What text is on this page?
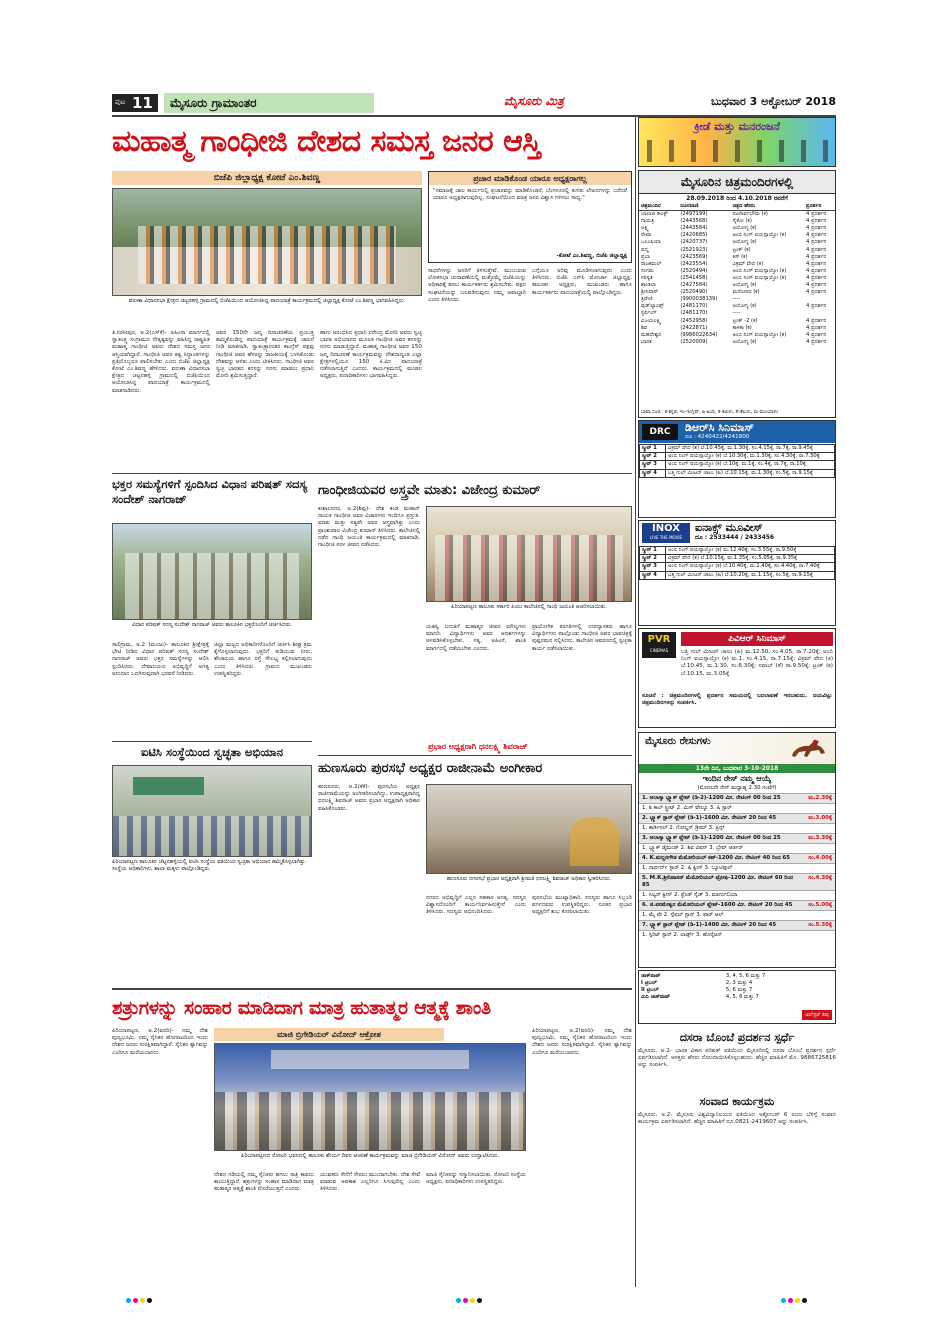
ಪುಟ 11	ಮೈಸೂರು ಗ್ರಾಮಾಂತರ	ಮೈಸೂರು ಮಿತ್ರ	ಬುಧವಾರ 3 ಅಕ್ಟೋಬರ್ 2018
ಮಹಾತ್ಮ ಗಾಂಧೀಜಿ ದೇಶದ ಸಮಸ್ತ ಜನರ ಆಸ್ತಿ
ಬಿಜೆಪಿ ಜಿಲ್ಲಾಧ್ಯಕ್ಷ ಕೋಟೆ ಎಂ.ಶಿವಣ್ಣ
ವರುಣಾ ವಿಧಾನಸಭಾ ಕ್ಷೇತ್ರದ ಚಟ್ಟನಹಳ್ಳಿ ಗ್ರಾಮದಲ್ಲಿ ಬಿಜೆಪಿಯಿಂದ ಆಯೋಜಿಸಿದ್ದ ಪಾದಯಾತ್ರೆ ಕಾರ್ಯಕ್ರಮದಲ್ಲಿ ಜಿಲ್ಲಾಧ್ಯಕ್ಷ ಕೋಟೆ ಎಂ.ಶಿವಣ್ಣ ಭಾಗವಹಿಸಿದ್ದರು.
ತಿ.ನರಸೀಪುರ, ಅ.2(ಎಸ್‌ಕೆ)- ಅಹಿಂಸಾ ಮಾರ್ಗದಲ್ಲಿ ಸ್ವಾತಂತ್ರ್ಯ ಸಂಗ್ರಾಮದ ನೇತೃತ್ವವನ್ನು ವಹಿಸಿದ್ದ ರಾಷ್ಟ್ರಪಿತ ಮಹಾತ್ಮ ಗಾಂಧೀಜಿ ಅವರು ದೇಶದ ಸಮಸ್ತ ಜನರ ಆಸ್ತಿಯಾಗಿದ್ದಾರೆ. ಗಾಂಧೀಜಿ ಅವರ ತತ್ವ ಸಿದ್ಧಾಂತಗಳನ್ನು ಪ್ರತಿಯೊಬ್ಬರೂ ಪಾಲಿಸಬೇಕು ಎಂದು ಬಿಜೆಪಿ ಜಿಲ್ಲಾಧ್ಯಕ್ಷ ಕೋಟೆ ಎಂ.ಶಿವಣ್ಣ ಹೇಳಿದರು. ವರುಣಾ ವಿಧಾನಸಭಾ ಕ್ಷೇತ್ರದ ಚಟ್ಟನಹಳ್ಳಿ ಗ್ರಾಮದಲ್ಲಿ ಬಿಜೆಪಿಯಿಂದ ಆಯೋಜಿಸಿದ್ದ ಪಾದಯಾತ್ರೆ ಕಾರ್ಯಕ್ರಮದಲ್ಲಿ ಮಾತನಾಡಿದರು.
ಅವರ 150ನೇ ಜನ್ಮ ದಿನಾಚರಣೆಯ ಪ್ರಯುಕ್ತ ಹಮ್ಮಿಕೊಂಡಿದ್ದ ಪಾದಯಾತ್ರೆ ಕಾರ್ಯಕ್ರಮಕ್ಕೆ ಚಾಲನೆ ನೀಡಿ ಮಾತನಾಡಿ, ಸ್ವಾತಂತ್ರ್ಯಾನಂತರ ಕಾಂಗ್ರೆಸ್ ಪಕ್ಷವು ಗಾಂಧೀಜಿ ಅವರ ಹೆಸರನ್ನು ರಾಜಕೀಯಕ್ಕೆ ಬಳಸಿಕೊಂಡು ದೇಶವನ್ನು ಆಳಿತು ಎಂದು ಟೀಕಿಸಿದರು. ಗಾಂಧೀಜಿ ಅವರ ಸ್ವಚ್ಛ ಭಾರತದ ಕನಸನ್ನು ನನಸು ಮಾಡಲು ಪ್ರಧಾನಿ ಮೋದಿ ಶ್ರಮಿಸುತ್ತಿದ್ದಾರೆ.
ಹಾಗು ಅರಂಭಿಸಿದ ಪ್ರಧಾನಿ ನರೇಂದ್ರ ಮೋದಿ ಅವರು ಸ್ವಚ್ಛ ಭಾರತ ಅಭಿಯಾನದ ಮೂಲಕ ಗಾಂಧೀಜಿ ಅವರ ಕನಸನ್ನು ನನಸು ಮಾಡುತ್ತಿದ್ದಾರೆ. ಮಹಾತ್ಮ ಗಾಂಧೀಜಿ ಅವರ 150 ಜನ್ಮ ದಿನಾಚರಣೆ ಕಾರ್ಯಕ್ರಮವನ್ನು ದೇಶದಾದ್ಯಂತ ಎಲ್ಲಾ ಕ್ಷೇತ್ರಗಳಲ್ಲಿಯೂ 150 ಕಿ.ಮೀ ಪಾದಯಾತ್ರೆ ನಡೆಸಲಾಗುತ್ತಿದೆ ಎಂದರು. ಕಾರ್ಯಕ್ರಮದಲ್ಲಿ ಮಂಡಲ ಅಧ್ಯಕ್ಷರು, ಪದಾಧಿಕಾರಿಗಳು ಭಾಗವಹಿಸಿದ್ದರು.
ಪ್ರಚಾರ ಮಾಡಿಕೊಂಡ ಯಾರೂ ಅಧ್ಯಕ್ಷರಾಗಲ್ಲ
"ಸಮಾಜಕ್ಕೆ ಚಾಲ ಕಾರ್ಯದಲ್ಲಿ ಪ್ರಚಾರವನ್ನು ಮಾಡಿಕೊಂಡರೆ, ಬೆಂಗಳೂರಲ್ಲಿ ಕುಳಿತು ಲೇಖನಗಳನ್ನು ಬರೆದರೆ ಯಾರೂ ಅಧ್ಯಕ್ಷರಾಗುವುದಿಲ್ಲ. ಸಂಘಟನೆಯಿಂದ ಮಾತ್ರ ಜನರ ವಿಶ್ವಾಸ ಗಳಿಸಲು ಸಾಧ್ಯ."
-ಕೋಟೆ ಎಂ.ಶಿವಣ್ಣ, ಬಿಜೆಪಿ ಜಿಲ್ಲಾಧ್ಯಕ್ಷ
ಸಾಧನೆಗಳನ್ನು ಜನರಿಗೆ ತಿಳಿಸುತ್ತೇವೆ. ಮುಂಬರುವ ಲೋಕಸಭಾ ಚುನಾವಣೆಯಲ್ಲಿ ಮತ್ತೊಮ್ಮೆ ಬಿಜೆಪಿಯನ್ನು ಅಧಿಕಾರಕ್ಕೆ ತರಲು ಕಾರ್ಯಕರ್ತರು ಶ್ರಮಿಸಬೇಕು. ಪಕ್ಷದ ಸಂಘಟನೆಯನ್ನು ಬಲಪಡಿಸುವುದು ನಮ್ಮ ಜವಾಬ್ದಾರಿ ಎಂದು ತಿಳಿಸಿದರು.
ಬಗ್ಗೆಯೂ ಅರಿವು ಮೂಡಿಸಲಾಗುವುದು ಎಂದು ತಿಳಿಸಿದರು. ಬಿಜೆಪಿ ಎಸ್‌ಸಿ ಮೋರ್ಚಾ ಜಿಲ್ಲಾಧ್ಯಕ್ಷ, ತಾಲೂಕು ಅಧ್ಯಕ್ಷರು, ಮುಖಂಡರು ಹಾಗೂ ಕಾರ್ಯಕರ್ತರು ಪಾದಯಾತ್ರೆಯಲ್ಲಿ ಪಾಲ್ಗೊಂಡಿದ್ದರು.
ಭಕ್ತರ ಸಮಸ್ಯೆಗಳಿಗೆ ಸ್ಪಂದಿಸಿದ ವಿಧಾನ ಪರಿಷತ್ ಸದಸ್ಯ ಸಂದೇಶ್ ನಾಗರಾಜ್
ವಿಧಾನ ಪರಿಷತ್ ಸದಸ್ಯ ಸಂದೇಶ್ ನಾಗರಾಜ್ ಅವರು ತಾಲೂಕಿನ ಭಕ್ತರೊಂದಿಗೆ ಚರ್ಚಿಸಿದರು.
ಸಾಲಿಗ್ರಾಮ, ಅ.2 (ಮಂಜು)- ತಾಲೂಕಿನ ಶ್ರೀಕ್ಷೇತ್ರಕ್ಕೆ ಭೇಟಿ ನೀಡಿದ ವಿಧಾನ ಪರಿಷತ್ ಸದಸ್ಯ ಸಂದೇಶ್ ನಾಗರಾಜ್ ಅವರು ಭಕ್ತರ ಸಮಸ್ಯೆಗಳನ್ನು ಆಲಿಸಿ ಸ್ಪಂದಿಸಿದರು. ದೇವಾಲಯದ ಅಭಿವೃದ್ಧಿಗೆ ಅಗತ್ಯ ಅನುದಾನ ಒದಗಿಸುವುದಾಗಿ ಭರವಸೆ ನೀಡಿದರು.
ಜಿಲ್ಲಾ ಮಟ್ಟದ ಅಧಿಕಾರಿಗಳೊಂದಿಗೆ ಚರ್ಚಿಸಿ ಶೀಘ್ರ ಕ್ರಮ ಕೈಗೊಳ್ಳಲಾಗುವುದು. ಭಕ್ತರಿಗೆ ಕುಡಿಯುವ ನೀರು, ಶೌಚಾಲಯ ಹಾಗೂ ರಸ್ತೆ ಸೌಲಭ್ಯ ಕಲ್ಪಿಸಲಾಗುವುದು ಎಂದು ತಿಳಿಸಿದರು. ಗ್ರಾಮದ ಮುಖಂಡರು ಉಪಸ್ಥಿತರಿದ್ದರು.
ಐಟಿಸಿ ಸಂಸ್ಥೆಯಿಂದ ಸ್ವಚ್ಛತಾ ಅಭಿಯಾನ
ಪಿರಿಯಾಪಟ್ಟಣ ತಾಲೂಕಿನ ಚೆಟ್ಟನಹಳ್ಳಿಯಲ್ಲಿ ಐಟಿಸಿ ಸಂಸ್ಥೆಯ ವತಿಯಿಂದ ಸ್ವಚ್ಛತಾ ಅಭಿಯಾನ ಹಮ್ಮಿಕೊಳ್ಳಲಾಗಿತ್ತು. ಸಂಸ್ಥೆಯ ಅಧಿಕಾರಿಗಳು, ಶಾಲಾ ಮಕ್ಕಳು ಪಾಲ್ಗೊಂಡಿದ್ದರು.
ಗಾಂಧೀಜಿಯವರ ಅಸ್ತ್ರವೇ ಮಾತು: ವಿಜೇಂದ್ರ ಕುಮಾರ್
ಕುಶಾಲನಗರ, ಅ.2(ಶಿವು)- ದೇಶ ಕಂಡ ಮಹಾನ್ ನಾಯಕ ಗಾಂಧೀಜಿ ಅವರ ವಿಚಾರಗಳು ಇಂದಿಗೂ ಪ್ರಸ್ತುತ. ಮಾತು ಮತ್ತು ಸತ್ಯವೇ ಅವರ ಅಸ್ತ್ರವಾಗಿತ್ತು ಎಂದು ಪ್ರಾಂಶುಪಾಲ ವಿಜೇಂದ್ರ ಕುಮಾರ್ ತಿಳಿಸಿದರು. ಕಾಲೇಜಿನಲ್ಲಿ ನಡೆದ ಗಾಂಧಿ ಜಯಂತಿ ಕಾರ್ಯಕ್ರಮದಲ್ಲಿ ಮಾತನಾಡಿ, ಗಾಂಧೀಜಿ ಸರಳ ಜೀವನ ನಡೆಸಿದರು.
ಪಿರಿಯಾಪಟ್ಟಣ ತಾಲೂಕು ಸರ್ಕಾರಿ ಪಿಯು ಕಾಲೇಜಿನಲ್ಲಿ ಗಾಂಧಿ ಜಯಂತಿ ಆಚರಿಸಲಾಯಿತು.
ಯಶಸ್ವಿ ಬದುಕಿಗೆ ಮಹಾತ್ಮರ ಜೀವನ ಮೌಲ್ಯಗಳು ಮಾದರಿ. ವಿದ್ಯಾರ್ಥಿಗಳು ಅವರ ಆದರ್ಶಗಳನ್ನು ಅಳವಡಿಸಿಕೊಳ್ಳಬೇಕು. ಸತ್ಯ, ಅಹಿಂಸೆ, ಶಾಂತಿ ಮಾರ್ಗದಲ್ಲಿ ನಡೆಯಬೇಕು ಎಂದರು.
ಪ್ರಾಯೋಗಿಕ ತರಗತಿಗಳಲ್ಲಿ ಉಪನ್ಯಾಸಕರು ಹಾಗೂ ವಿದ್ಯಾರ್ಥಿಗಳು ಪಾಲ್ಗೊಂಡು ಗಾಂಧೀಜಿ ಅವರ ಭಾವಚಿತ್ರಕ್ಕೆ ಪುಷ್ಪನಮನ ಸಲ್ಲಿಸಿದರು. ಕಾಲೇಜಿನ ಆವರಣದಲ್ಲಿ ಸ್ವಚ್ಛತಾ ಕಾರ್ಯ ನಡೆಸಲಾಯಿತು.
ಪ್ರಭಾರ ಅಧ್ಯಕ್ಷರಾಗಿ ಧನಲಕ್ಷ್ಮಿ ಶಿವರಾಜ್
ಹುಣಸೂರು ಪುರಸಭೆ ಅಧ್ಯಕ್ಷರ ರಾಜೀನಾಮೆ ಅಂಗೀಕಾರ
ಹುಣಸೂರು, ಅ.2(ಕೆಕೆ)- ಪುರಸಭೆಯ ಅಧ್ಯಕ್ಷರ ರಾಜೀನಾಮೆಯನ್ನು ಅಂಗೀಕರಿಸಲಾಗಿದ್ದು, ಉಪಾಧ್ಯಕ್ಷರಾಗಿದ್ದ ಧನಲಕ್ಷ್ಮಿ ಶಿವರಾಜ್ ಅವರು ಪ್ರಭಾರ ಅಧ್ಯಕ್ಷರಾಗಿ ಅಧಿಕಾರ ವಹಿಸಿಕೊಂಡರು.
ಹುಣಸೂರು ನಗರಸಭೆ ಪ್ರಭಾರ ಅಧ್ಯಕ್ಷರಾಗಿ ಶ್ರೀಮತಿ ಧನಲಕ್ಷ್ಮಿ ಶಿವರಾಜ್ ಅಧಿಕಾರ ಸ್ವೀಕರಿಸಿದರು.
ನಗರದ ಅಭಿವೃದ್ಧಿಗೆ ಎಲ್ಲರ ಸಹಕಾರ ಅಗತ್ಯ. ಸದಸ್ಯರ ವಿಶ್ವಾಸದೊಂದಿಗೆ ಕಾರ್ಯನಿರ್ವಹಿಸುತ್ತೇನೆ ಎಂದು ತಿಳಿಸಿದರು. ಸದಸ್ಯರು ಅಭಿನಂದಿಸಿದರು.
ಪುರಸಭೆಯ ಮುಖ್ಯಾಧಿಕಾರಿ, ಸದಸ್ಯರು ಹಾಗೂ ಸಿಬ್ಬಂದಿ ವರ್ಗದವರು ಉಪಸ್ಥಿತರಿದ್ದರು. ನೂತನ ಪ್ರಭಾರ ಅಧ್ಯಕ್ಷರಿಗೆ ಶುಭ ಕೋರಲಾಯಿತು.
ಶತ್ರುಗಳನ್ನು ಸಂಹಾರ ಮಾಡಿದಾಗ ಮಾತ್ರ ಹುತಾತ್ಮರ ಆತ್ಮಕ್ಕೆ ಶಾಂತಿ
ಮಾಜಿ ಬ್ರಿಗೇಡಿಯರ್ ವಿನೋದ್ ಆಕ್ರೋಶ
ಪಿರಿಯಾಪಟ್ಟಣ, ಅ.2(ವರದಿ)- ನಮ್ಮ ದೇಶ ಪುಣ್ಯಭೂಮಿ, ನಮ್ಮ ಸೈನಿಕರ ಹೋರಾಟದಿಂದ ಇಂದು ದೇಶದ ಜನರು ಸುರಕ್ಷಿತವಾಗಿದ್ದಾರೆ. ಸೈನಿಕರ ತ್ಯಾಗವನ್ನು ಎಂದಿಗೂ ಮರೆಯಬಾರದು.
ಪಿರಿಯಾಪಟ್ಟಣದ ರೋಟರಿ ಭವನದಲ್ಲಿ ತಾಲೂಕು ಶೌರ್ಯ ದಿವಸ ಆಚರಣೆ ಕಾರ್ಯಕ್ರಮವನ್ನು ಮಾಜಿ ಬ್ರಿಗೇಡಿಯರ್ ವಿನೋದ್ ಅವರು ಉದ್ಘಾಟಿಸಿದರು.
ದೇಶದ ಗಡಿಯಲ್ಲಿ ನಮ್ಮ ಸೈನಿಕರು ಹಗಲು ರಾತ್ರಿ ಕಾವಲು ಕಾಯುತ್ತಿದ್ದಾರೆ. ಶತ್ರುಗಳನ್ನು ಸಂಹಾರ ಮಾಡಿದಾಗ ಮಾತ್ರ ಹುತಾತ್ಮರ ಆತ್ಮಕ್ಕೆ ಶಾಂತಿ ದೊರೆಯುತ್ತದೆ ಎಂದರು.
ಯುವಕರು ಸೇನೆಗೆ ಸೇರಲು ಮುಂದಾಗಬೇಕು. ದೇಶ ಸೇವೆ ಮಾಡುವ ಅವಕಾಶ ಎಲ್ಲರಿಗೂ ಸಿಗುವುದಿಲ್ಲ ಎಂದು ತಿಳಿಸಿದರು.
ಮಾಜಿ ಸೈನಿಕರನ್ನು ಸನ್ಮಾನಿಸಲಾಯಿತು. ರೋಟರಿ ಸಂಸ್ಥೆಯ ಅಧ್ಯಕ್ಷರು, ಪದಾಧಿಕಾರಿಗಳು ಉಪಸ್ಥಿತರಿದ್ದರು.
ಪಿರಿಯಾಪಟ್ಟಣ, ಅ.2(ವರದಿ)- ನಮ್ಮ ದೇಶ ಪುಣ್ಯಭೂಮಿ, ನಮ್ಮ ಸೈನಿಕರ ಹೋರಾಟದಿಂದ ಇಂದು ದೇಶದ ಜನರು ಸುರಕ್ಷಿತವಾಗಿದ್ದಾರೆ. ಸೈನಿಕರ ತ್ಯಾಗವನ್ನು ಎಂದಿಗೂ ಮರೆಯಬಾರದು.
ಕ್ರೀಡೆ ಮತ್ತು ಮನರಂಜನೆ
ಮೈಸೂರಿನ ಚಿತ್ರಮಂದಿರಗಳಲ್ಲಿ
28.09.2018 ರಿಂದ 4.10.2018 ರವರೆಗೆ
ಚಿತ್ರಮಂದಿರ	ದೂರವಾಣಿ	ಚಿತ್ರದ ಹೆಸರು	ಪ್ರದರ್ಶನ
ಬಾಲಾಜಿ ಡಿಲಕ್ಸ್	(2497199)	ನಟಸಾರ್ವಭೌಮ (ಕ)	4 ಪ್ರದರ್ಶನ
ಗಾಯತ್ರಿ	(2443568)	ಸೈಕೋ (ಕ)	4 ಪ್ರದರ್ಶನ
ಲಕ್ಷ್ಮಿ	(2443584)	ಅಯೋಗ್ಯ (ಕ)	4 ಪ್ರದರ್ಶನ
ರೇಖಾ	(2420685)	ಅಂಬಿ ನಿಂಗ್ ವಯಸ್ಸಾಯ್ತೋ (ಕ)	4 ಪ್ರದರ್ಶನ
ಒಲಂಪಿಯಾ	(2420737)	ಅಯೋಗ್ಯ (ಕ)	4 ಪ್ರದರ್ಶನ
ಪದ್ಮ	(2521923)	ಟ್ರಂಕ್ (ಕ)	4 ಪ್ರದರ್ಶನ
ಪ್ರಭಾ	(2423569)	ಕಿಸ್ (ಕ)	4 ಪ್ರದರ್ಶನ
ರಾಜಕಮಲ್	(2423554)	ವಿಕ್ರಮ್ ವೇದ (ಕ)	4 ಪ್ರದರ್ಶನ
ಸಂಗಮ	(2520494)	ಅಂಬಿ ನಿಂಗ್ ವಯಸ್ಸಾಯ್ತೋ (ಕ)	4 ಪ್ರದರ್ಶನ
ಸರಸ್ವತಿ	(2541458)	ಅಂಬಿ ನಿಂಗ್ ವಯಸ್ಸಾಯ್ತೋ (ಕ)	4 ಪ್ರದರ್ಶನ
ಶಾಂತಲಾ	(2427584)	ಅಯೋಗ್ಯ (ಕ)	4 ಪ್ರದರ್ಶನ
ಶ್ರೀನಿವಾಸ್	(2520490)	ಮನೋರಥ (ಕ)	4 ಪ್ರದರ್ಶನ
ತ್ರಿವೇಣಿ	(9900038139)	----	
ವುಡ್‌ಲ್ಯಾಂಡ್ಸ್	(2481170)	ಅಯೋಗ್ಯ (ಕ)	4 ಪ್ರದರ್ಶನ
ಸ್ಟರ್ಲಿಂಗ್	(2481170)	----	
ವಿಜಯಲಕ್ಷ್ಮಿ	(2452958)	ಟ್ರಂಕ್ -2 (ಕ)	4 ಪ್ರದರ್ಶನ
ಶಿವ	(2422871)	ಕಾಳಿಕಾ (ಕ)	4 ಪ್ರದರ್ಶನ
ಮಹದೇಶ್ವರ	(9986022634)	ಅಂಬಿ ನಿಂಗ್ ವಯಸ್ಸಾಯ್ತೋ (ಕ)	4 ಪ್ರದರ್ಶನ
ಭಾರತ	(2520009)	ಅಯೋಗ್ಯ (ಕ)	4 ಪ್ರದರ್ಶನ
ಭಾಷಾ ಸೂಚಿ : ಕ-ಕನ್ನಡ, ಇಂ-ಇಂಗ್ಲಿಷ್, ಹಿ-ಹಿಂದಿ, ತ-ತಮಿಳು, ತೆ-ತೆಲುಗು, ಮ-ಮಲಯಾಳಂ
DRC	ಡಿಆರ್‌ಸಿ ಸಿನಿಮಾಸ್
ದೂ : 4240422/4241800
ಸ್ಕ್ರೀನ್ 1	ವಿಕ್ರಮ್ ವೇದ (ತ) ಬೆ.10.45ಕ್ಕೆ, ಮ.1.30ಕ್ಕೆ, ಸಂ.4.15ಕ್ಕೆ, ರಾ.7ಕ್ಕೆ, ರಾ.9.45ಕ್ಕೆ
ಸ್ಕ್ರೀನ್ 2	ಅಂಬಿ ನಿಂಗ್ ವಯಸ್ಸಾಯ್ತೋ (ಕ) ಬೆ.10.30ಕ್ಕೆ, ಮ.1.30ಕ್ಕೆ, ಸಂ.4.30ಕ್ಕೆ, ರಾ.7.30ಕ್ಕೆ
ಸ್ಕ್ರೀನ್ 3	ಅಂಬಿ ನಿಂಗ್ ವಯಸ್ಸಾಯ್ತೋ (ಕ) ಬೆ.10ಕ್ಕೆ, ಮ.1ಕ್ಕೆ, ಸಂ.4ಕ್ಕೆ, ರಾ.7ಕ್ಕೆ, ರಾ.10ಕ್ಕೆ
ಸ್ಕ್ರೀನ್ 4	ಬತ್ತಿ ಗುಲ್ ಮೀಟರ್ ಚಾಲು (ಹಿ) ಬೆ.10.15ಕ್ಕೆ, ಮ.1.30ಕ್ಕೆ, ಸಂ.5ಕ್ಕೆ, ರಾ.9.15ಕ್ಕೆ
INOX
LIVE THE MOVIE
ಐನಾಕ್ಸ್ ಮೂವೀಸ್
ದೂ : 2533444 / 2433456
ಸ್ಕ್ರೀನ್ 1	ಅಂಬಿ ನಿಂಗ್ ವಯಸ್ಸಾಯ್ತೋ (ಕ) ಮ.12.40ಕ್ಕೆ, ಸಂ.3.55ಕ್ಕೆ, ರಾ.9.50ಕ್ಕೆ
ಸ್ಕ್ರೀನ್ 2	ವಿಕ್ರಮ್ ವೇದ (ತ) ಬೆ.10.15ಕ್ಕೆ, ಮ.1.35ಕ್ಕೆ, ಸಂ.5.05ಕ್ಕೆ, ರಾ.9.35ಕ್ಕೆ
ಸ್ಕ್ರೀನ್ 3	ಅಂಬಿ ನಿಂಗ್ ವಯಸ್ಸಾಯ್ತೋ (ಕ) ಬೆ.10.40ಕ್ಕೆ, ಮ.1.40ಕ್ಕೆ, ಸಂ.4.40ಕ್ಕೆ, ರಾ.7.40ಕ್ಕೆ
ಸ್ಕ್ರೀನ್ 4	ಬತ್ತಿ ಗುಲ್ ಮೀಟರ್ ಚಾಲು (ಹಿ) ಬೆ.10.20ಕ್ಕೆ, ಮ.1.15ಕ್ಕೆ, ಸಂ.5ಕ್ಕೆ, ರಾ.9.15ಕ್ಕೆ
PVR
CINEMAS
ಪಿವಿಆರ್ ಸಿನಿಮಾಸ್
ಬತ್ತಿ ಗುಲ್ ಮೀಟರ್ ಚಾಲು (ಹಿ) ಮ.12.50, ಸಂ.4.05, ರಾ.7.20ಕ್ಕೆ; ಅಂಬಿ ನಿಂಗ್ ವಯಸ್ಸಾಯ್ತೋ (ಕ) ಮ.1, ಸಂ.4.15, ರಾ.7.15ಕ್ಕೆ; ವಿಕ್ರಮ್ ವೇದ (ತ) ಬೆ.10.45, ಮ.1.30, ಸಂ.6.30ಕ್ಕೆ; ನವಾಬ್ (ತೆ) ರಾ.9.50ಕ್ಕೆ; ಟ್ರಂಕ್ (ಕ) ಬೆ.10.15, ಮ.3.05ಕ್ಕೆ
ಸೂಚನೆ : ಚಿತ್ರಮಂದಿರಗಳಲ್ಲಿ ಪ್ರದರ್ಶನ ಸಮಯದಲ್ಲಿ ಬದಲಾವಣೆ ಇರಬಹುದು. ದಯವಿಟ್ಟು ಚಿತ್ರಮಂದಿರಗಳನ್ನು ಸಂಪರ್ಕಿಸಿ.
ಮೈಸೂರು ರೇಸುಗಳು
13ನೇ ದಿನ, ಬುಧವಾರ 3-10-2018
ಇಂದಿನ ರೇಸ್ ನಮ್ಮ ಆಯ್ಕೆ
(ಮೊದಲನೇ ರೇಸ್ ಮಧ್ಯಾಹ್ನ 2.30 ಗಂಟೆಗೆ)
1. ಆಲಾಸ್ಕಾ ಬ್ಲ್ಯಾಕ್ ಪ್ಲೇಟ್ (ಡಿ-2)-1200 ಮೀ. ರೇಟಿಂಗ್ 00 ರಿಂದ 25	ಮ.2.30ಕ್ಕೆ
1. ಶಿ ಕಾಲ್ ಸ್ಟ್ರೀಟ್ 2. ಮಿಸ್ ವೇಲ್ಯೂ 3. ಷಿ ಸ್ಟಾರ್
2. ಬ್ಲ್ಯಾಕ್ ಸ್ಟಾರ್ ಪ್ಲೇಟ್ (ಡಿ-1)-1600 ಮೀ. ರೇಟಿಂಗ್ 20 ರಿಂದ 45	ಮ.3.00ಕ್ಕೆ
1. ಕಾರ್ಡಿನಲ್ 2. ಗೋಲ್ಡನ್ ಡ್ರೀಮ್ 3. ಪ್ರಿನ್ಸ್
3. ಆಲಾಸ್ಕಾ ಬ್ಲ್ಯಾಕ್ ಪ್ಲೇಟ್ (ಡಿ-1)-1200 ಮೀ. ರೇಟಿಂಗ್ 00 ರಿಂದ 25	ಮ.3.30ಕ್ಕೆ
1. ಬ್ಲ್ಯಾಕ್ ಡೈಮಂಡ್ 2. ಶಿವ ವಿಷನ್ 3. ಬ್ರೇವ್ ಆರ್ಡರ್
4. K.ಮಲ್ಲನಗೌಡ ಮೆಮೋರಿಯಲ್ ಕಪ್-1200 ಮೀ. ರೇಟಿಂಗ್ 40 ರಿಂದ 65	ಸಂ.4.00ಕ್ಕೆ
1. ನಾರ್ಥರ್ನ್ ಸ್ಟಾರ್ 2. ಷಿ ಕ್ವೀನ್ 3. ಬ್ಯೂಟಿಫುಲ್
5. M.K.ಶ್ರೀನಿವಾಸನ್ ಮೆಮೋರಿಯಲ್ ಟ್ರೋಫಿ-1200 ಮೀ. ರೇಟಿಂಗ್ 60 ರಿಂದ 85
ಸಂ.4.30ಕ್ಕೆ
1. ಸಿಲ್ವರ್ ಕ್ವೀನ್ 2. ಫ್ರೆಂಡ್ ಸೈಡ್ 3. ಮಾರ್ಗುಲಿಯಾ
6. ಜಿ.ಪರಮೇಶ್ವರ ಮೆಮೋರಿಯಲ್ ಪ್ಲೇಟ್-1600 ಮೀ. ರೇಟಿಂಗ್ 20 ರಿಂದ 45	ಸಂ.5.00ಕ್ಕೆ
1. ಮೈ ವೇ 2. ಸ್ಪೆಷಲ್ ಸ್ಟಾರ್ 3. ಫಾರ್ ಆಲ್
7. ಬ್ಲ್ಯಾಕ್ ಸ್ಟಾರ್ ಪ್ಲೇಟ್ (ಡಿ-1)-1400 ಮೀ. ರೇಟಿಂಗ್ 20 ರಿಂದ 45	ಸಂ.5.30ಕ್ಕೆ
1. ಸ್ಪಿರಿಟ್ ಸ್ಟಾರ್ 2. ಲಾರ್ಡ್ಸ್ 3. ಹೊರೈಜನ್
ಜಾಕ್‌ಪಾಟ್	3, 4, 5, 6 ಮತ್ತು 7
I ಟ್ರಿಬಲ್	2, 3 ಮತ್ತು 4
II ಟ್ರಿಬಲ್	5, 6 ಮತ್ತು 7
ಮಿನಿ ಜಾಕ್‌ಪಾಟ್	4, 5, 6 ಮತ್ತು 7
ಟಿಪ್‌ಸ್ಟರ್ ಶಿವು
ದಸರಾ ಬೊಂಬೆ ಪ್ರದರ್ಶನ ಸ್ಪರ್ಧೆ
ಮೈಸೂರು, ಅ.2- ಭಾರತ ವಿಕಾಸ ಪರಿಷತ್ ವತಿಯಿಂದ ಮೈಸೂರಿನಲ್ಲಿ ದಸರಾ ಬೊಂಬೆ ಪ್ರದರ್ಶನ ಸ್ಪರ್ಧೆ ಏರ್ಪಡಿಸಲಾಗಿದೆ. ಆಸಕ್ತರು ಹೆಸರು ನೋಂದಾಯಿಸಿಕೊಳ್ಳಬಹುದು. ಹೆಚ್ಚಿನ ಮಾಹಿತಿಗೆ ಮೊ. 9886725816 ಅನ್ನು ಸಂಪರ್ಕಿಸಿ.
ಸಂವಾದ ಕಾರ್ಯಕ್ರಮ
ಮೈಸೂರು, ಅ.2- ಮೈಸೂರು ವಿಶ್ವವಿದ್ಯಾನಿಲಯದ ವತಿಯಿಂದ ಅಕ್ಟೋಬರ್ 6 ರಂದು ಬೆಳಿಗ್ಗೆ ಸಂವಾದ ಕಾರ್ಯಕ್ರಮ ಏರ್ಪಡಿಸಲಾಗಿದೆ. ಹೆಚ್ಚಿನ ಮಾಹಿತಿಗೆ ದೂ.0821-2419607 ಅನ್ನು ಸಂಪರ್ಕಿಸಿ.
